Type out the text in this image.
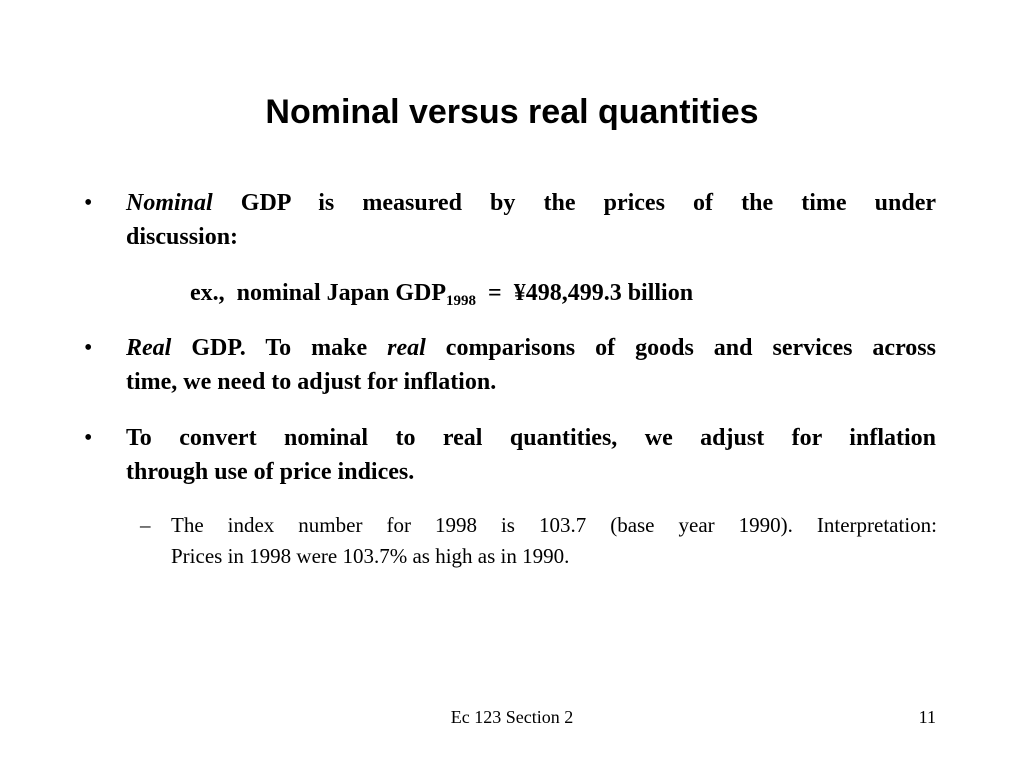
Nominal versus real quantities
• Nominal GDP is measured by the prices of the time under
discussion:
ex.,  nominal Japan $GDP_{1998}$  =  ¥498,499.3 billion
• Real GDP. To make real comparisons of goods and services across
time, we need to adjust for inflation.
• To convert nominal to real quantities, we adjust for inflation
through use of price indices.
– The index number for 1998 is 103.7 (base year 1990). Interpretation:
Prices in 1998 were 103.7% as high as in 1990.
Ec 123 Section 2	11
